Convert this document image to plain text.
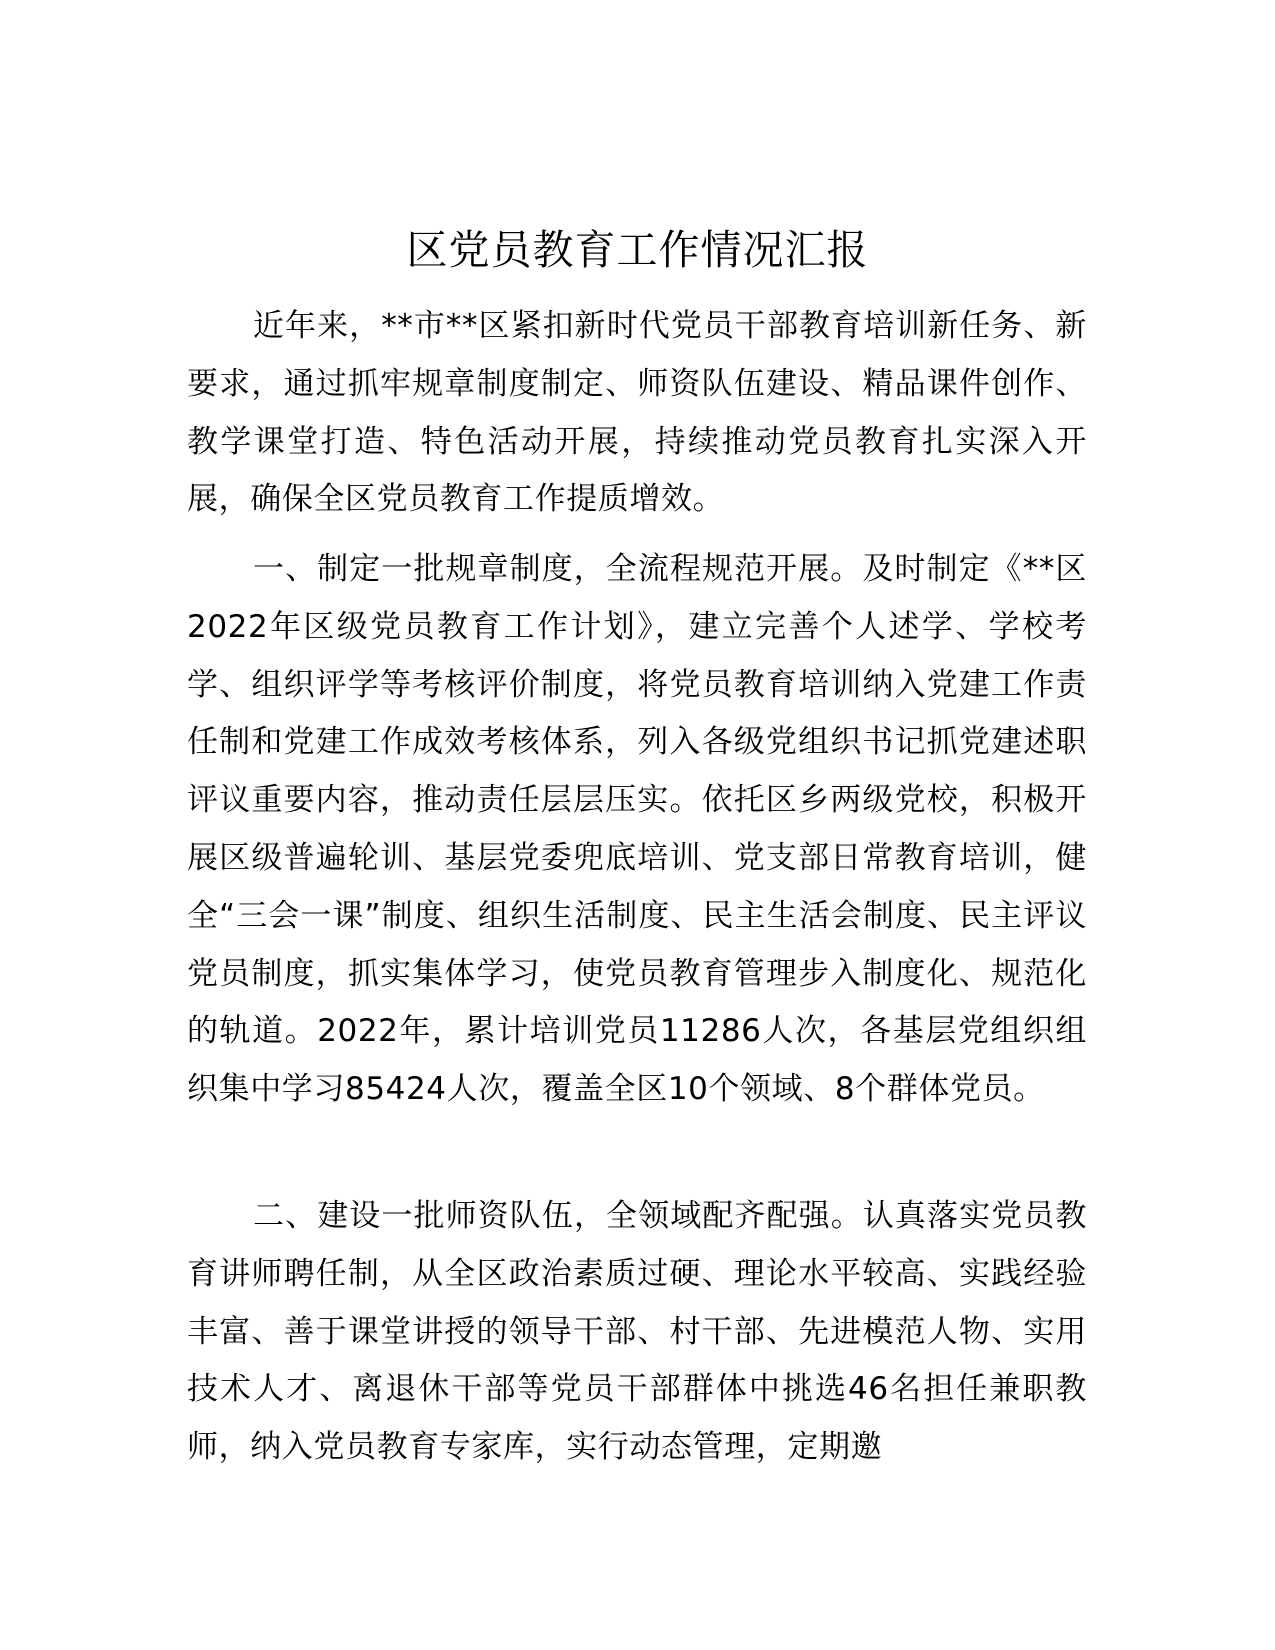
区党员教育工作情况汇报

近年来，**市**区紧扣新时代党员干部教育培训新任务、新要求，通过抓牢规章制度制定、师资队伍建设、精品课件创作、教学课堂打造、特色活动开展，持续推动党员教育扎实深入开展，确保全区党员教育工作提质增效。

一、制定一批规章制度，全流程规范开展。及时制定《**区2022年区级党员教育工作计划》，建立完善个人述学、学校考学、组织评学等考核评价制度，将党员教育培训纳入党建工作责任制和党建工作成效考核体系，列入各级党组织书记抓党建述职评议重要内容，推动责任层层压实。依托区乡两级党校，积极开展区级普遍轮训、基层党委兜底培训、党支部日常教育培训，健全“三会一课”制度、组织生活制度、民主生活会制度、民主评议党员制度，抓实集体学习，使党员教育管理步入制度化、规范化的轨道。2022年，累计培训党员11286人次，各基层党组织组织集中学习85424人次，覆盖全区10个领域、8个群体党员。

二、建设一批师资队伍，全领域配齐配强。认真落实党员教育讲师聘任制，从全区政治素质过硬、理论水平较高、实践经验丰富、善于课堂讲授的领导干部、村干部、先进模范人物、实用技术人才、离退休干部等党员干部群体中挑选46名担任兼职教师，纳入党员教育专家库，实行动态管理，定期邀
